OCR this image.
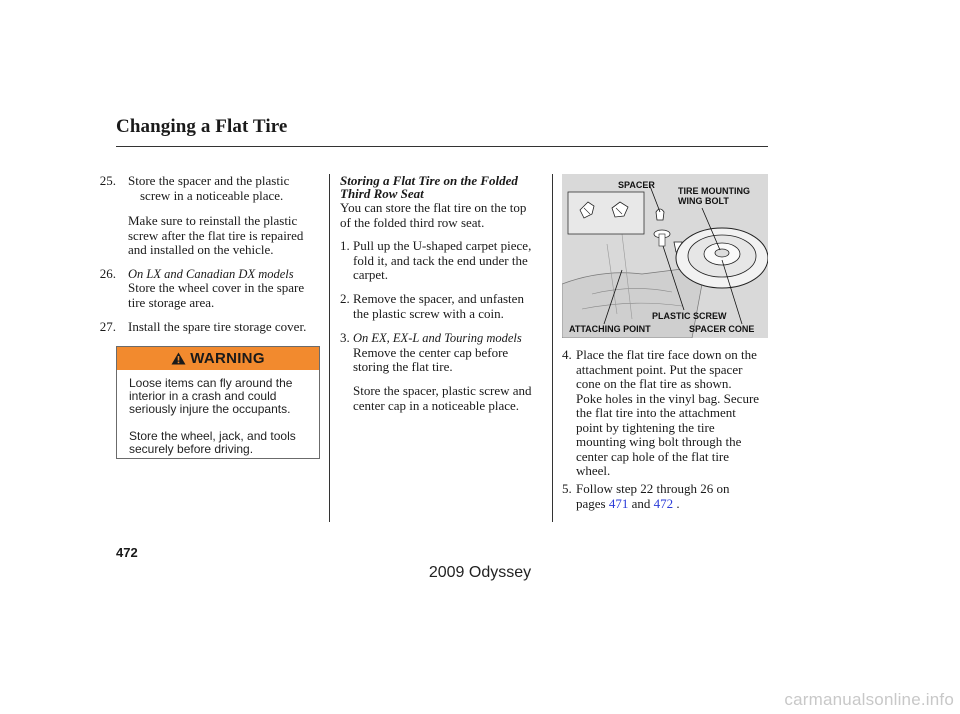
Changing a Flat Tire
25. Store the spacer and the plastic
screw in a noticeable place.
Make sure to reinstall the plastic
screw after the flat tire is repaired
and installed on the vehicle.
26. On LX and Canadian DX models
Store the wheel cover in the spare
tire storage area.
27. Install the spare tire storage cover.
WARNING

Loose items can fly around the
interior in a crash and could
seriously injure the occupants.

Store the wheel, jack, and tools
securely before driving.

Storing a Flat Tire on the Folded
Third Row Seat
You can store the flat tire on the top
of the folded third row seat.
1. Pull up the U-shaped carpet piece,
fold it, and tack the end under the
carpet.
2. Remove the spacer, and unfasten
the plastic screw with a coin.
3. On EX, EX-L and Touring models
Remove the center cap before
storing the flat tire.
Store the spacer, plastic screw and
center cap in a noticeable place.
SPACER
TIRE MOUNTING
WING BOLT
PLASTIC SCREW
ATTACHING POINT	SPACER CONE
4. Place the flat tire face down on the
attachment point. Put the spacer
cone on the flat tire as shown.
Poke holes in the vinyl bag. Secure
the flat tire into the attachment
point by tightening the tire
mounting wing bolt through the
center cap hole of the flat tire
wheel.
5. Follow step 22 through 26 on
pages 471 and 472 .
472
2009 Odyssey
carmanualsonline.info
